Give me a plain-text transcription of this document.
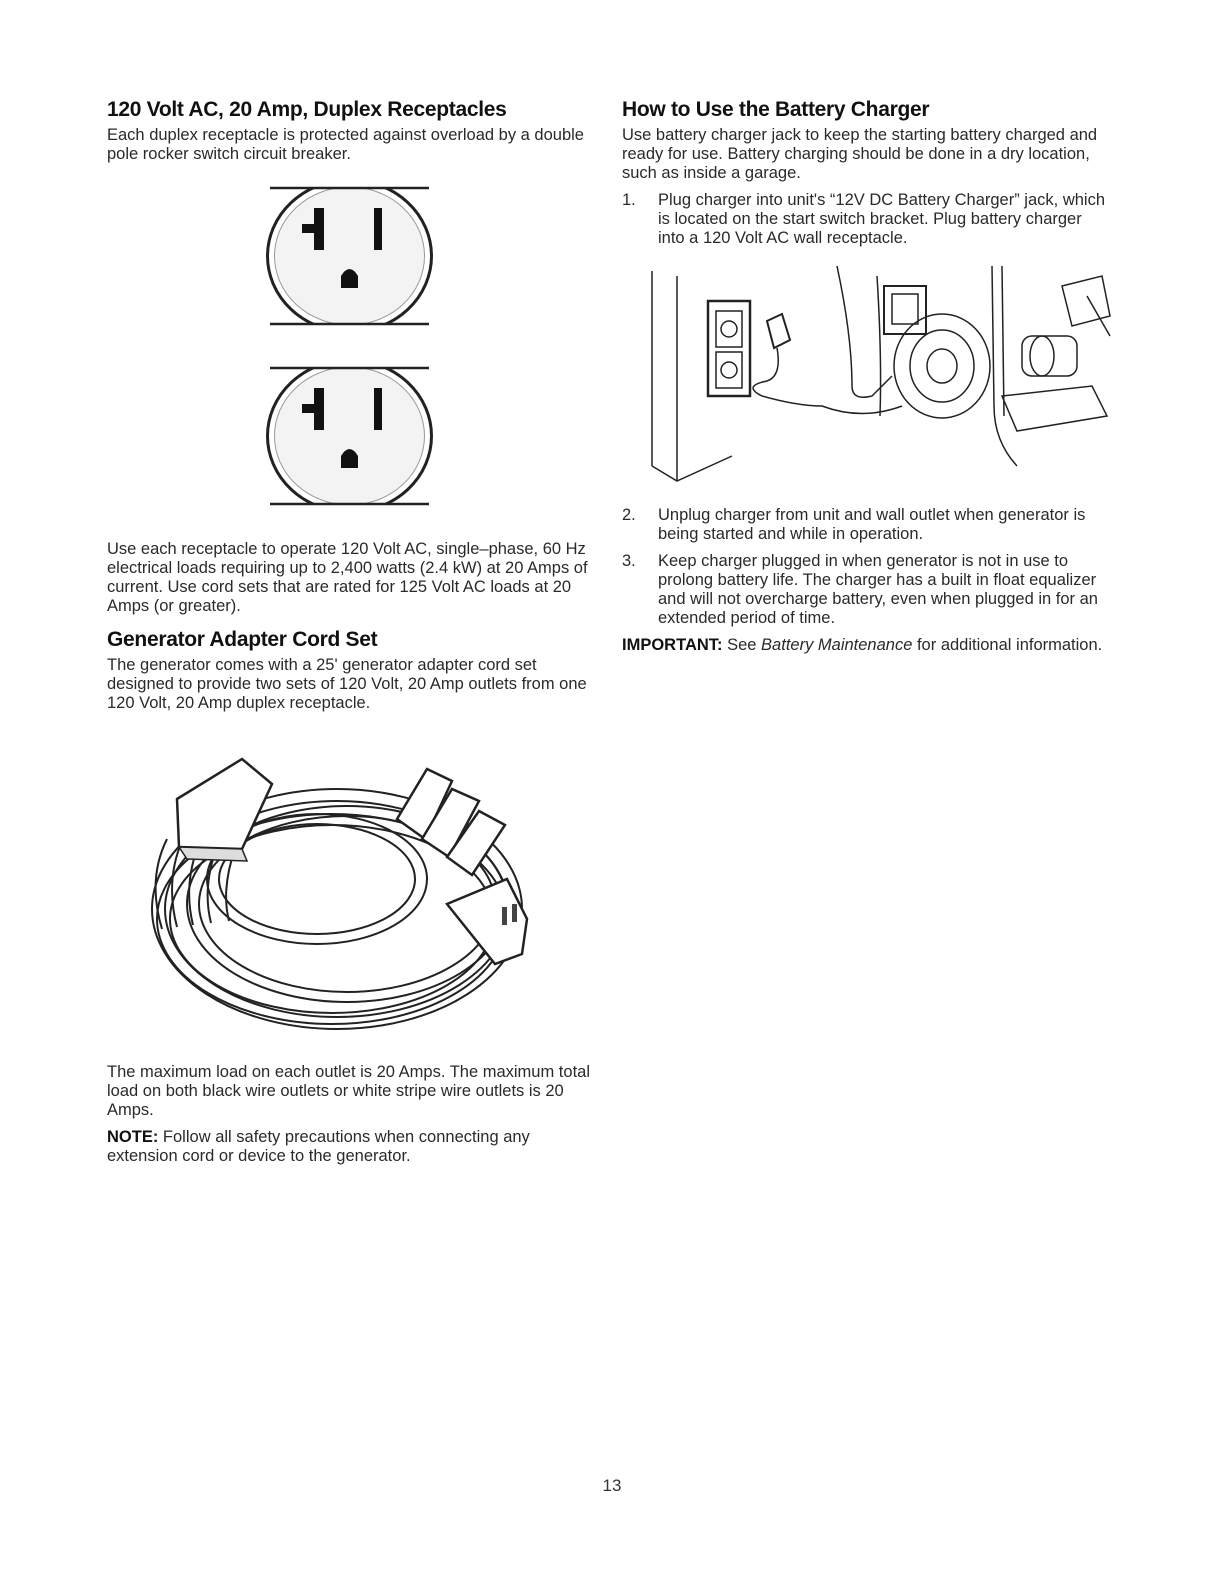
120 Volt AC, 20 Amp, Duplex Receptacles

Each duplex receptacle is protected against overload by a double pole rocker switch circuit breaker.

Use each receptacle to operate 120 Volt AC, single–phase, 60 Hz electrical loads requiring up to 2,400 watts (2.4 kW) at 20 Amps of current. Use cord sets that are rated for 125 Volt AC loads at 20 Amps (or greater).

Generator Adapter Cord Set

The generator comes with a 25' generator adapter cord set designed to provide two sets of 120 Volt, 20 Amp outlets from one 120 Volt, 20 Amp duplex receptacle.

The maximum load on each outlet is 20 Amps. The maximum total load on both black wire outlets or white stripe wire outlets is 20 Amps.

NOTE: Follow all safety precautions when connecting any extension cord or device to the generator.

How to Use the Battery Charger

Use battery charger jack to keep the starting battery charged and ready for use. Battery charging should be done in a dry location, such as inside a garage.

1. Plug charger into unit's “12V DC Battery Charger” jack, which is located on the start switch bracket. Plug battery charger into a 120 Volt AC wall receptacle.
2. Unplug charger from unit and wall outlet when generator is being started and while in operation.
3. Keep charger plugged in when generator is not in use to prolong battery life. The charger has a built in float equalizer and will not overcharge battery, even when plugged in for an extended period of time.

IMPORTANT: See Battery Maintenance for additional information.

13
